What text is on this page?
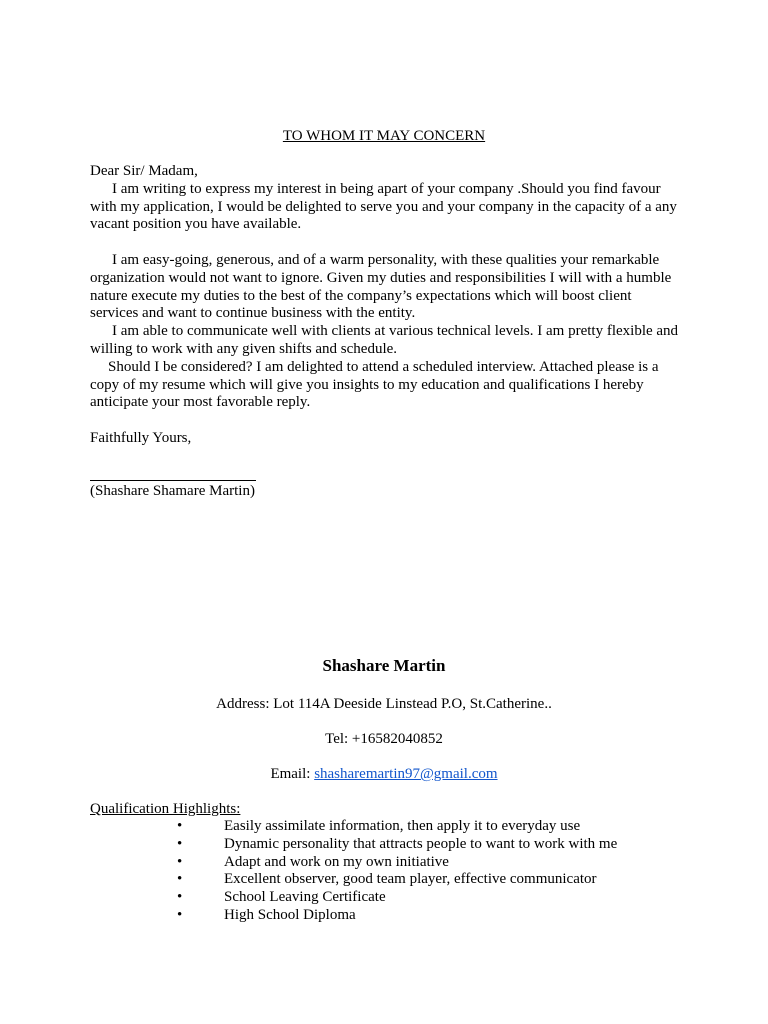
TO WHOM IT MAY CONCERN

Dear Sir/ Madam,

I am writing to express my interest in being apart of your company .Should you find favour with my application, I would be delighted to serve you and your company in the capacity of a any vacant position you have available.

I am easy-going, generous, and of a warm personality, with these qualities your remarkable organization would not want to ignore. Given my duties and responsibilities I will with a humble nature execute my duties to the best of the company’s expectations which will boost client services and want to continue business with the entity.

I am able to communicate well with clients at various technical levels. I am pretty flexible and willing to work with any given shifts and schedule.

Should I be considered? I am delighted to attend a scheduled interview. Attached please is a copy of my resume which will give you insights to my education and qualifications I hereby anticipate your most favorable reply.

Faithfully Yours,
(Shashare Shamare Martin)
Shashare Martin
Address: Lot 114A Deeside Linstead P.O, St.Catherine..
Tel: +16582040852
Email: shasharemartin97@gmail.com
Qualification Highlights:
•	Easily assimilate information, then apply it to everyday use
•	Dynamic personality that attracts people to want to work with me
•	Adapt and work on my own initiative
•	Excellent observer, good team player, effective communicator
•	School Leaving Certificate
•	High School Diploma
